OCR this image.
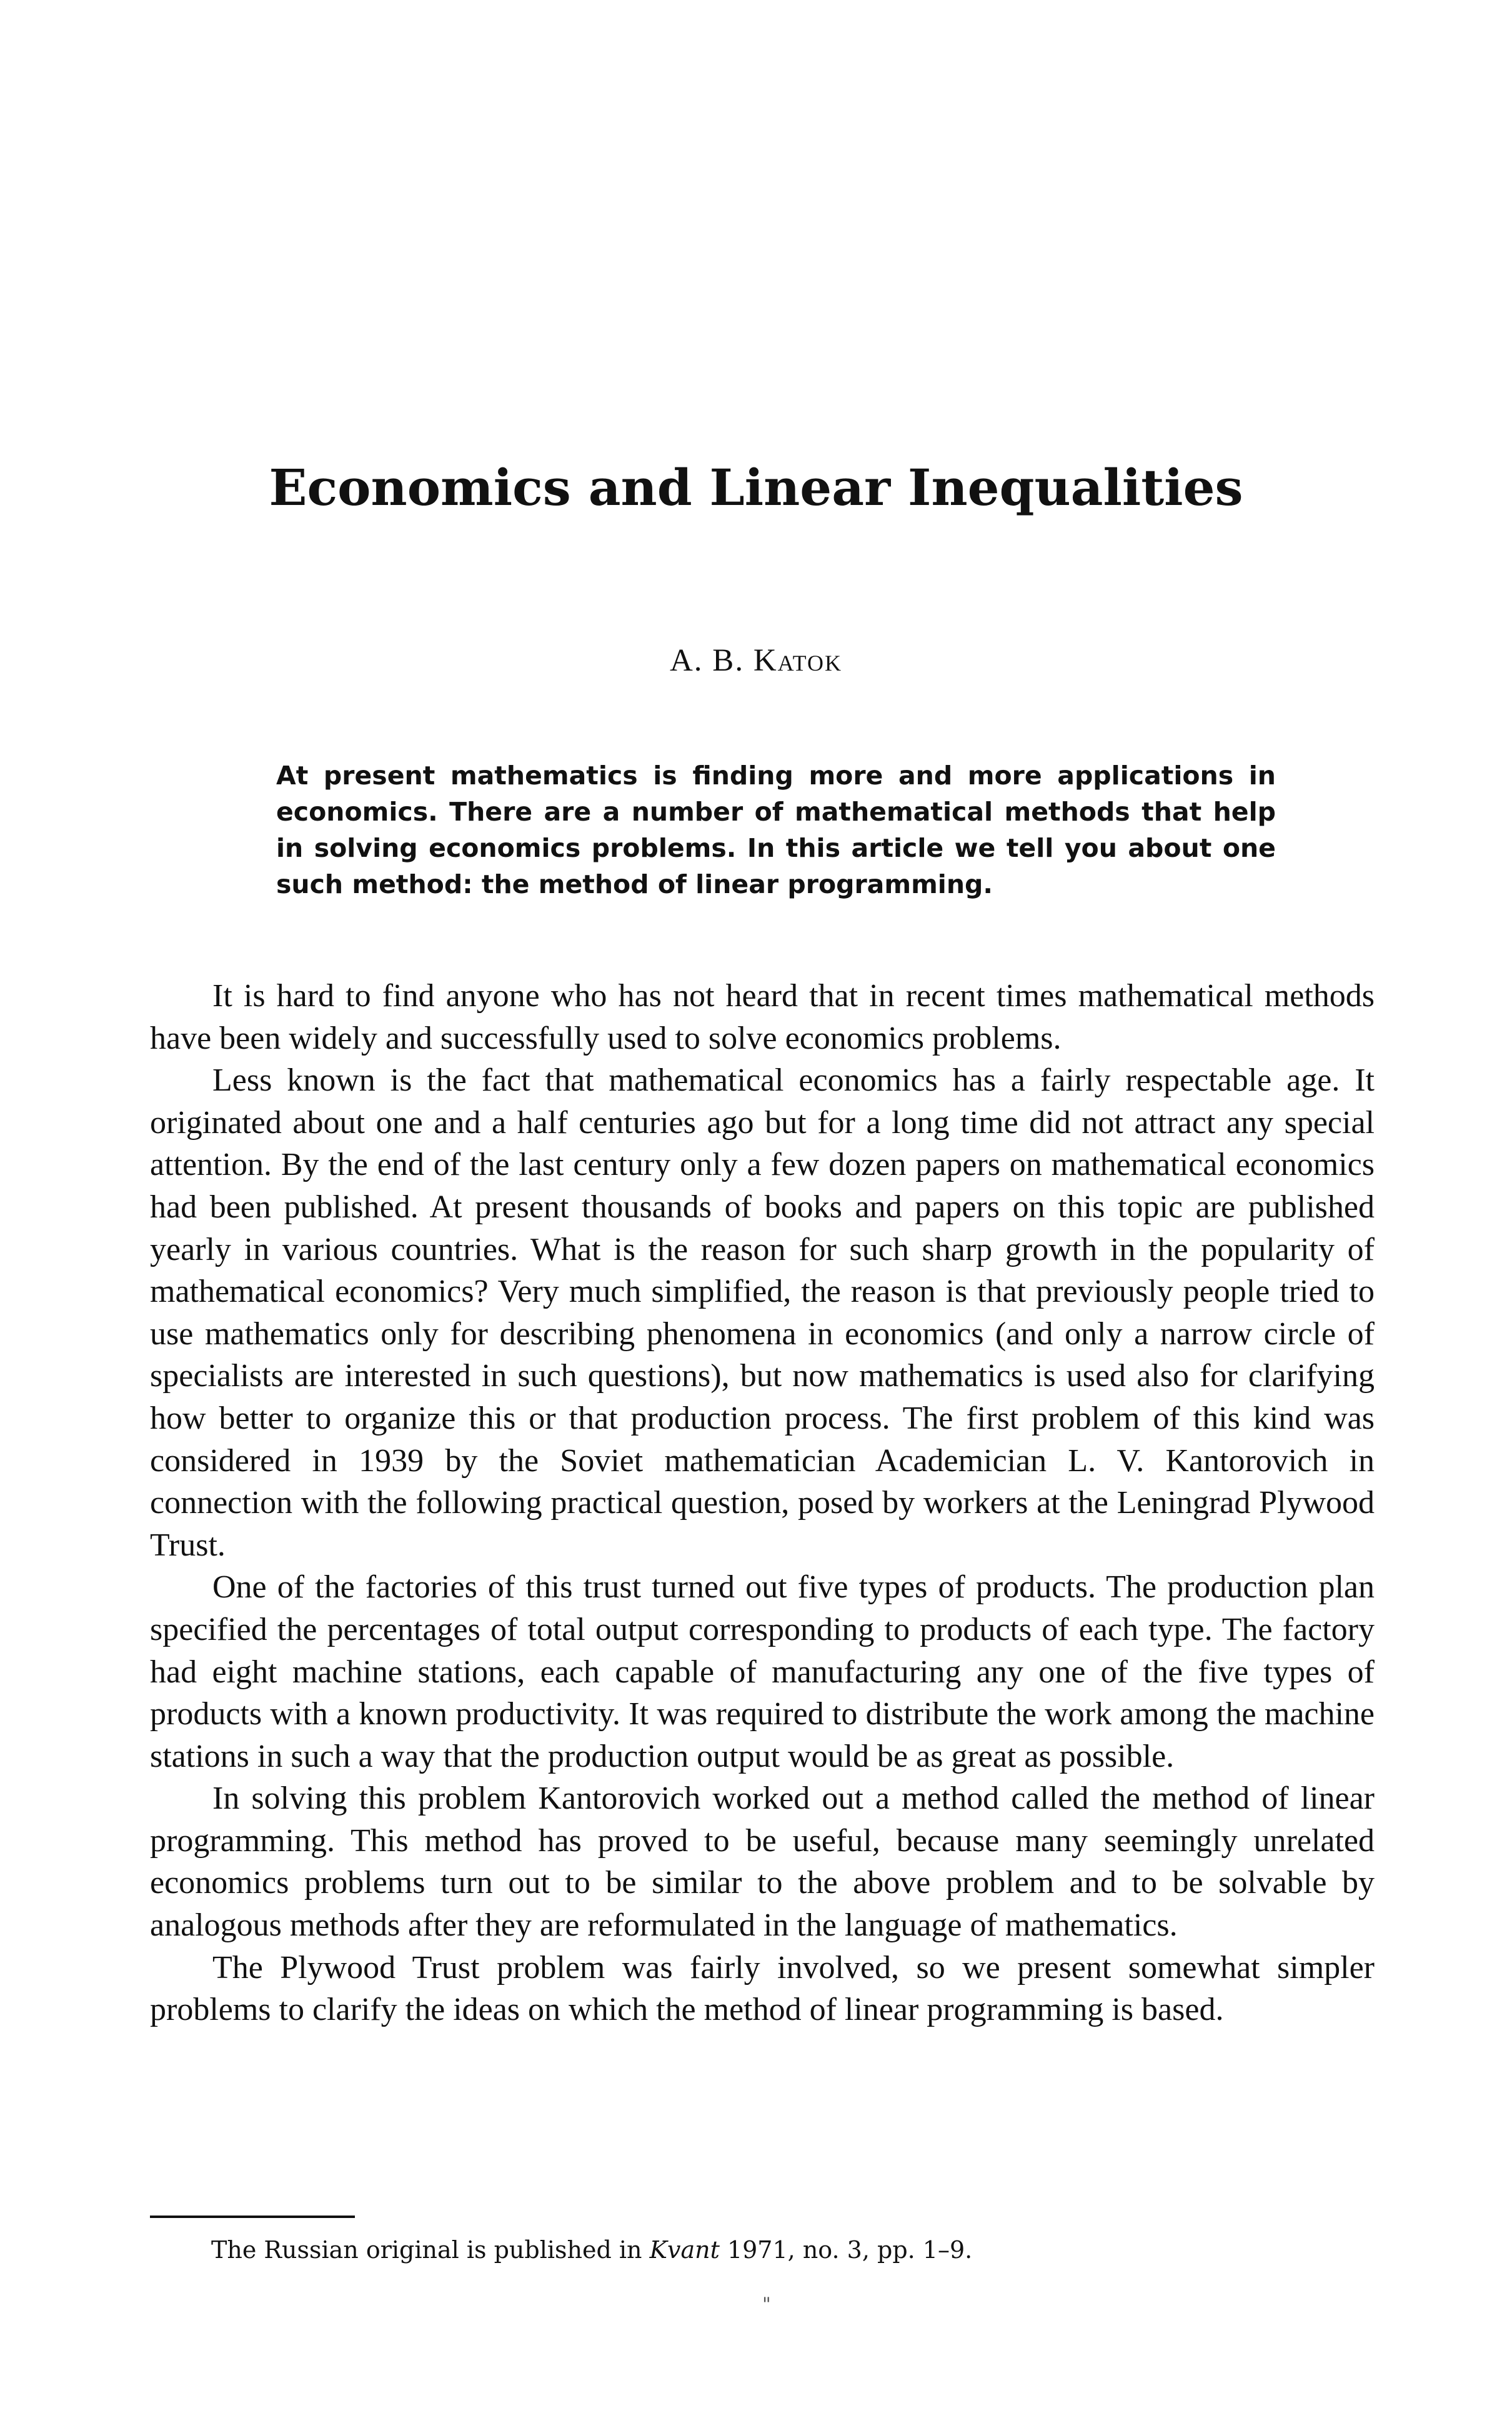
Economics and Linear Inequalities
A. B. Katok

At present mathematics is finding more and more applications in economics. There are a number of mathematical methods that help in solving economics problems. In this article we tell you about one such method: the method of linear programming.

It is hard to find anyone who has not heard that in recent times mathematical methods have been widely and successfully used to solve economics problems.

Less known is the fact that mathematical economics has a fairly respectable age. It originated about one and a half centuries ago but for a long time did not attract any special attention. By the end of the last century only a few dozen papers on mathematical economics had been published. At present thousands of books and papers on this topic are published yearly in various countries. What is the reason for such sharp growth in the popularity of mathematical economics? Very much simplified, the reason is that previously people tried to use mathematics only for describing phenomena in economics (and only a narrow circle of specialists are interested in such questions), but now mathematics is used also for clarifying how better to organize this or that production process. The first problem of this kind was considered in 1939 by the Soviet mathematician Academician L. V. Kantorovich in connection with the following practical question, posed by workers at the Leningrad Plywood Trust.

One of the factories of this trust turned out five types of products. The production plan specified the percentages of total output corresponding to products of each type. The factory had eight machine stations, each capable of manufacturing any one of the five types of products with a known productivity. It was required to distribute the work among the machine stations in such a way that the production output would be as great as possible.

In solving this problem Kantorovich worked out a method called the method of linear programming. This method has proved to be useful, because many seemingly unrelated economics problems turn out to be similar to the above problem and to be solvable by analogous methods after they are reformulated in the language of mathematics.

The Plywood Trust problem was fairly involved, so we present somewhat simpler problems to clarify the ideas on which the method of linear programming is based.

The Russian original is published in Kvant 1971, no. 3, pp. 1–9.

"
